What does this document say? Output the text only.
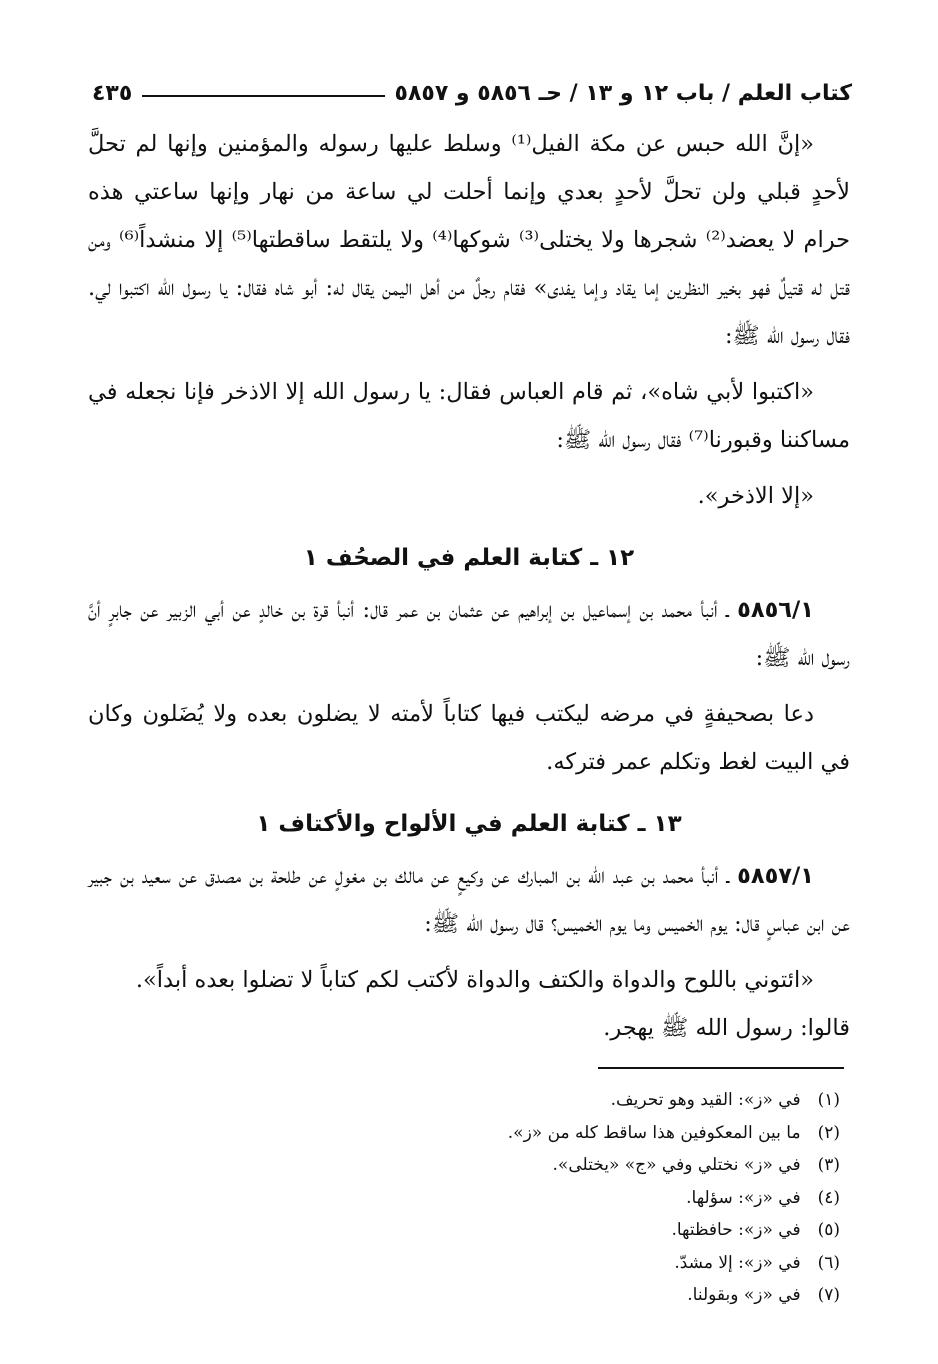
كتاب العلم / باب ١٢ و ١٣ / حـ ٥٨٥٦ و ٥٨٥٧
٤٣٥

«إنَّ الله حبس عن مكة الفيل⁽¹⁾ وسلط عليها رسوله والمؤمنين وإنها لم تحلَّ لأحدٍ قبلي ولن تحلَّ لأحدٍ بعدي وإنما أحلت لي ساعة من نهار وإنها ساعتي هذه حرام لا يعضد⁽²⁾ شجرها ولا يختلى⁽³⁾ شوكها⁽⁴⁾ ولا يلتقط ساقطتها⁽⁵⁾ إلا منشداً⁽⁶⁾ ومن قتل له قتيلٌ فهو بخير النظرين إما يقاد وإما يفدى» فقام رجلٌ من أهل اليمن يقال له: أبو شاه فقال: يا رسول الله اكتبوا لي. فقال رسول الله ﷺ:

«اكتبوا لأبي شاه»، ثم قام العباس فقال: يا رسول الله إلا الاذخر فإنا نجعله في مساكننا وقبورنا⁽⁷⁾ فقال رسول الله ﷺ:

«إلا الاذخر».

١٢ ـ كتابة العلم في الصحُف ١

٥٨٥٦/١ ـ أنبأ محمد بن إسماعيل بن إبراهيم عن عثمان بن عمر قال: أنبأ قرة بن خالدٍ عن أبي الزبير عن جابرٍ أنَّ رسول الله ﷺ:

دعا بصحيفةٍ في مرضه ليكتب فيها كتاباً لأمته لا يضلون بعده ولا يُضَلون وكان في البيت لغط وتكلم عمر فتركه.

١٣ ـ كتابة العلم في الألواح والأكتاف ١

٥٨٥٧/١ ـ أنبأ محمد بن عبد الله بن المبارك عن وكيعٍ عن مالك بن مغولٍ عن طلحة بن مصدق عن سعيد بن جبير عن ابن عباسٍ قال: يوم الخميس وما يوم الخميس؟ قال رسول الله ﷺ:

«ائتوني باللوح والدواة والكتف والدواة لأكتب لكم كتاباً لا تضلوا بعده أبداً».

قالوا: رسول الله ﷺ يهجر.

(١) في «ز»: القيد وهو تحريف.
(٢) ما بين المعكوفين هذا ساقط كله من «ز».
(٣) في «ز» نختلي وفي «ج» «يختلى».
(٤) في «ز»: سؤلها.
(٥) في «ز»: حافظتها.
(٦) في «ز»: إلا مشدّ.
(٧) في «ز» وبقولنا.
